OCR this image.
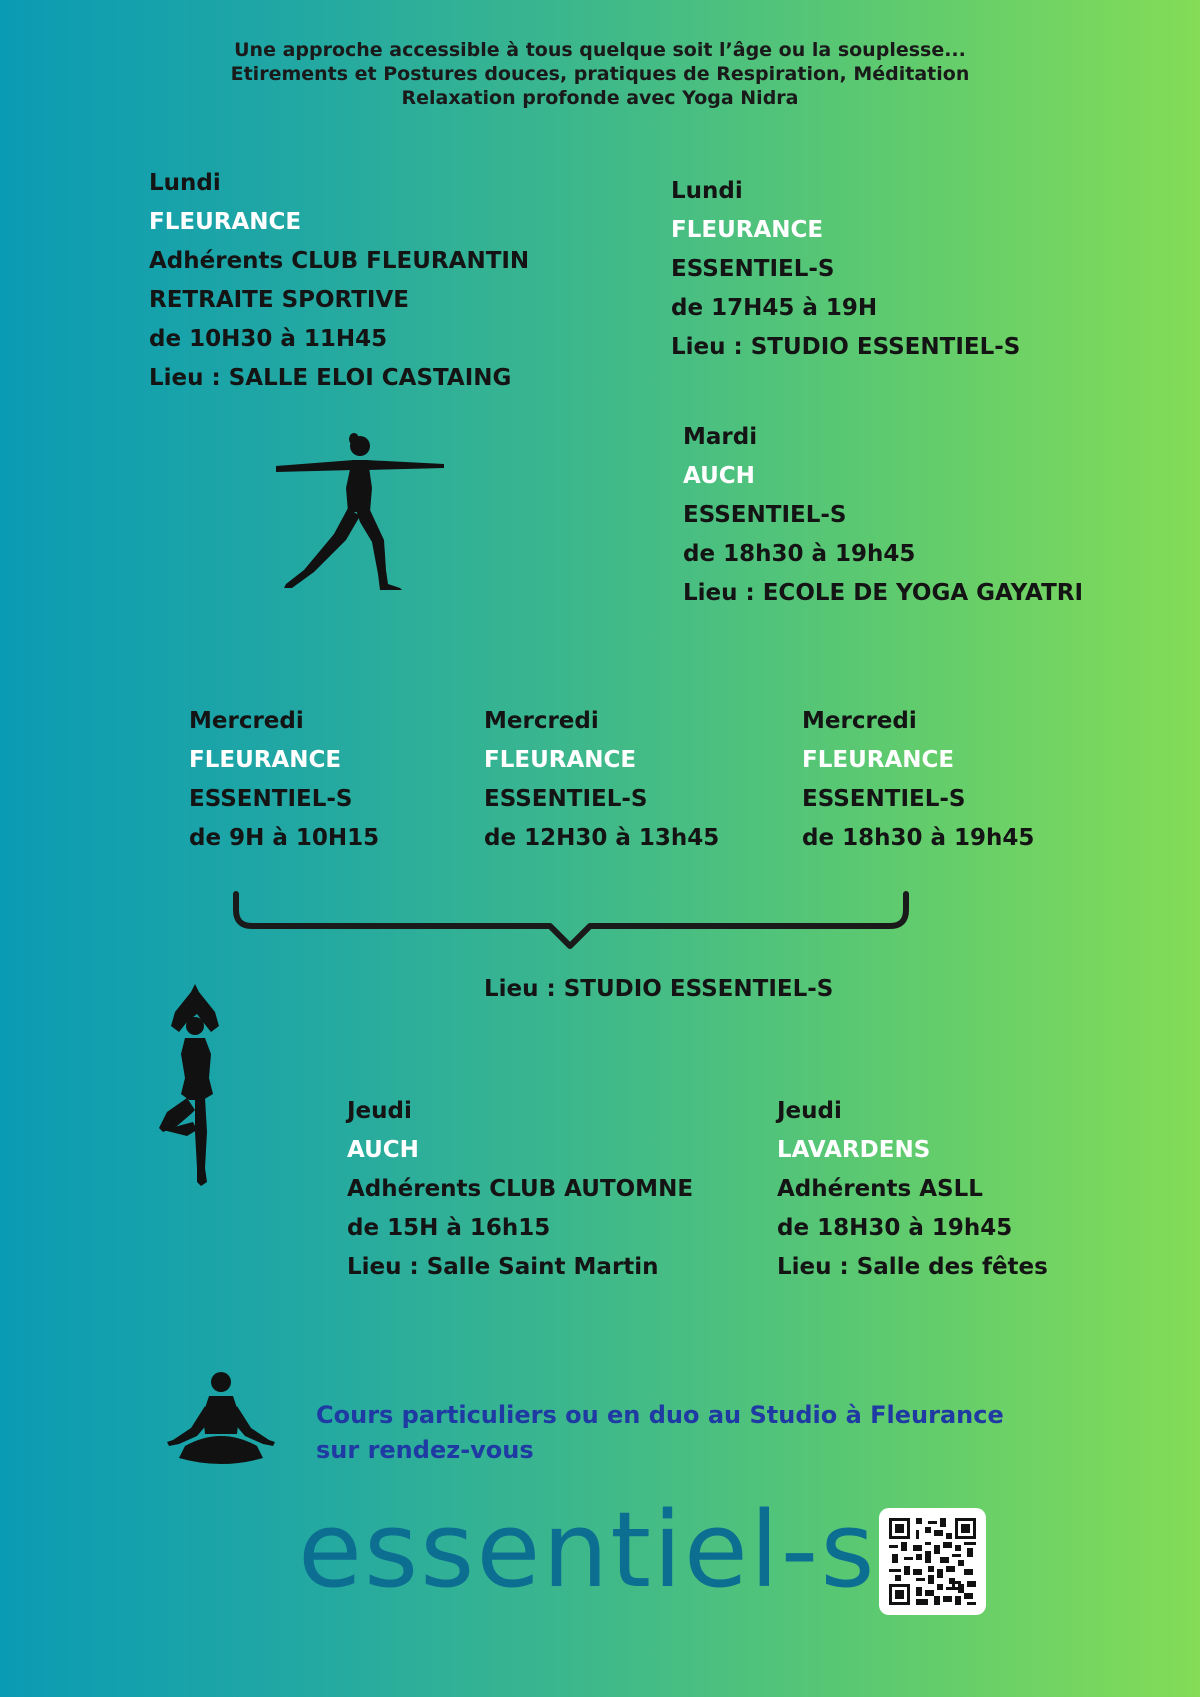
Une approche accessible à tous quelque soit l’âge ou la souplesse...
Etirements et Postures douces, pratiques de Respiration, Méditation
Relaxation profonde avec Yoga Nidra
Lundi
FLEURANCE
Adhérents CLUB FLEURANTIN
RETRAITE SPORTIVE
de 10H30 à 11H45
Lieu : SALLE ELOI CASTAING
Lundi
FLEURANCE
ESSENTIEL-S
de 17H45 à 19H
Lieu : STUDIO ESSENTIEL-S
Mardi
AUCH
ESSENTIEL-S
de 18h30 à 19h45
Lieu : ECOLE DE YOGA GAYATRI
Mercredi
FLEURANCE
ESSENTIEL-S
de 9H à 10H15
Mercredi
FLEURANCE
ESSENTIEL-S
de 12H30 à 13h45
Mercredi
FLEURANCE
ESSENTIEL-S
de 18h30 à 19h45
Lieu : STUDIO ESSENTIEL-S
Jeudi
AUCH
Adhérents CLUB AUTOMNE
de 15H à 16h15
Lieu : Salle Saint Martin
Jeudi
LAVARDENS
Adhérents ASLL
de 18H30 à 19h45
Lieu : Salle des fêtes
Cours particuliers ou en duo au Studio à Fleurance
sur rendez-vous
essentiel-s
